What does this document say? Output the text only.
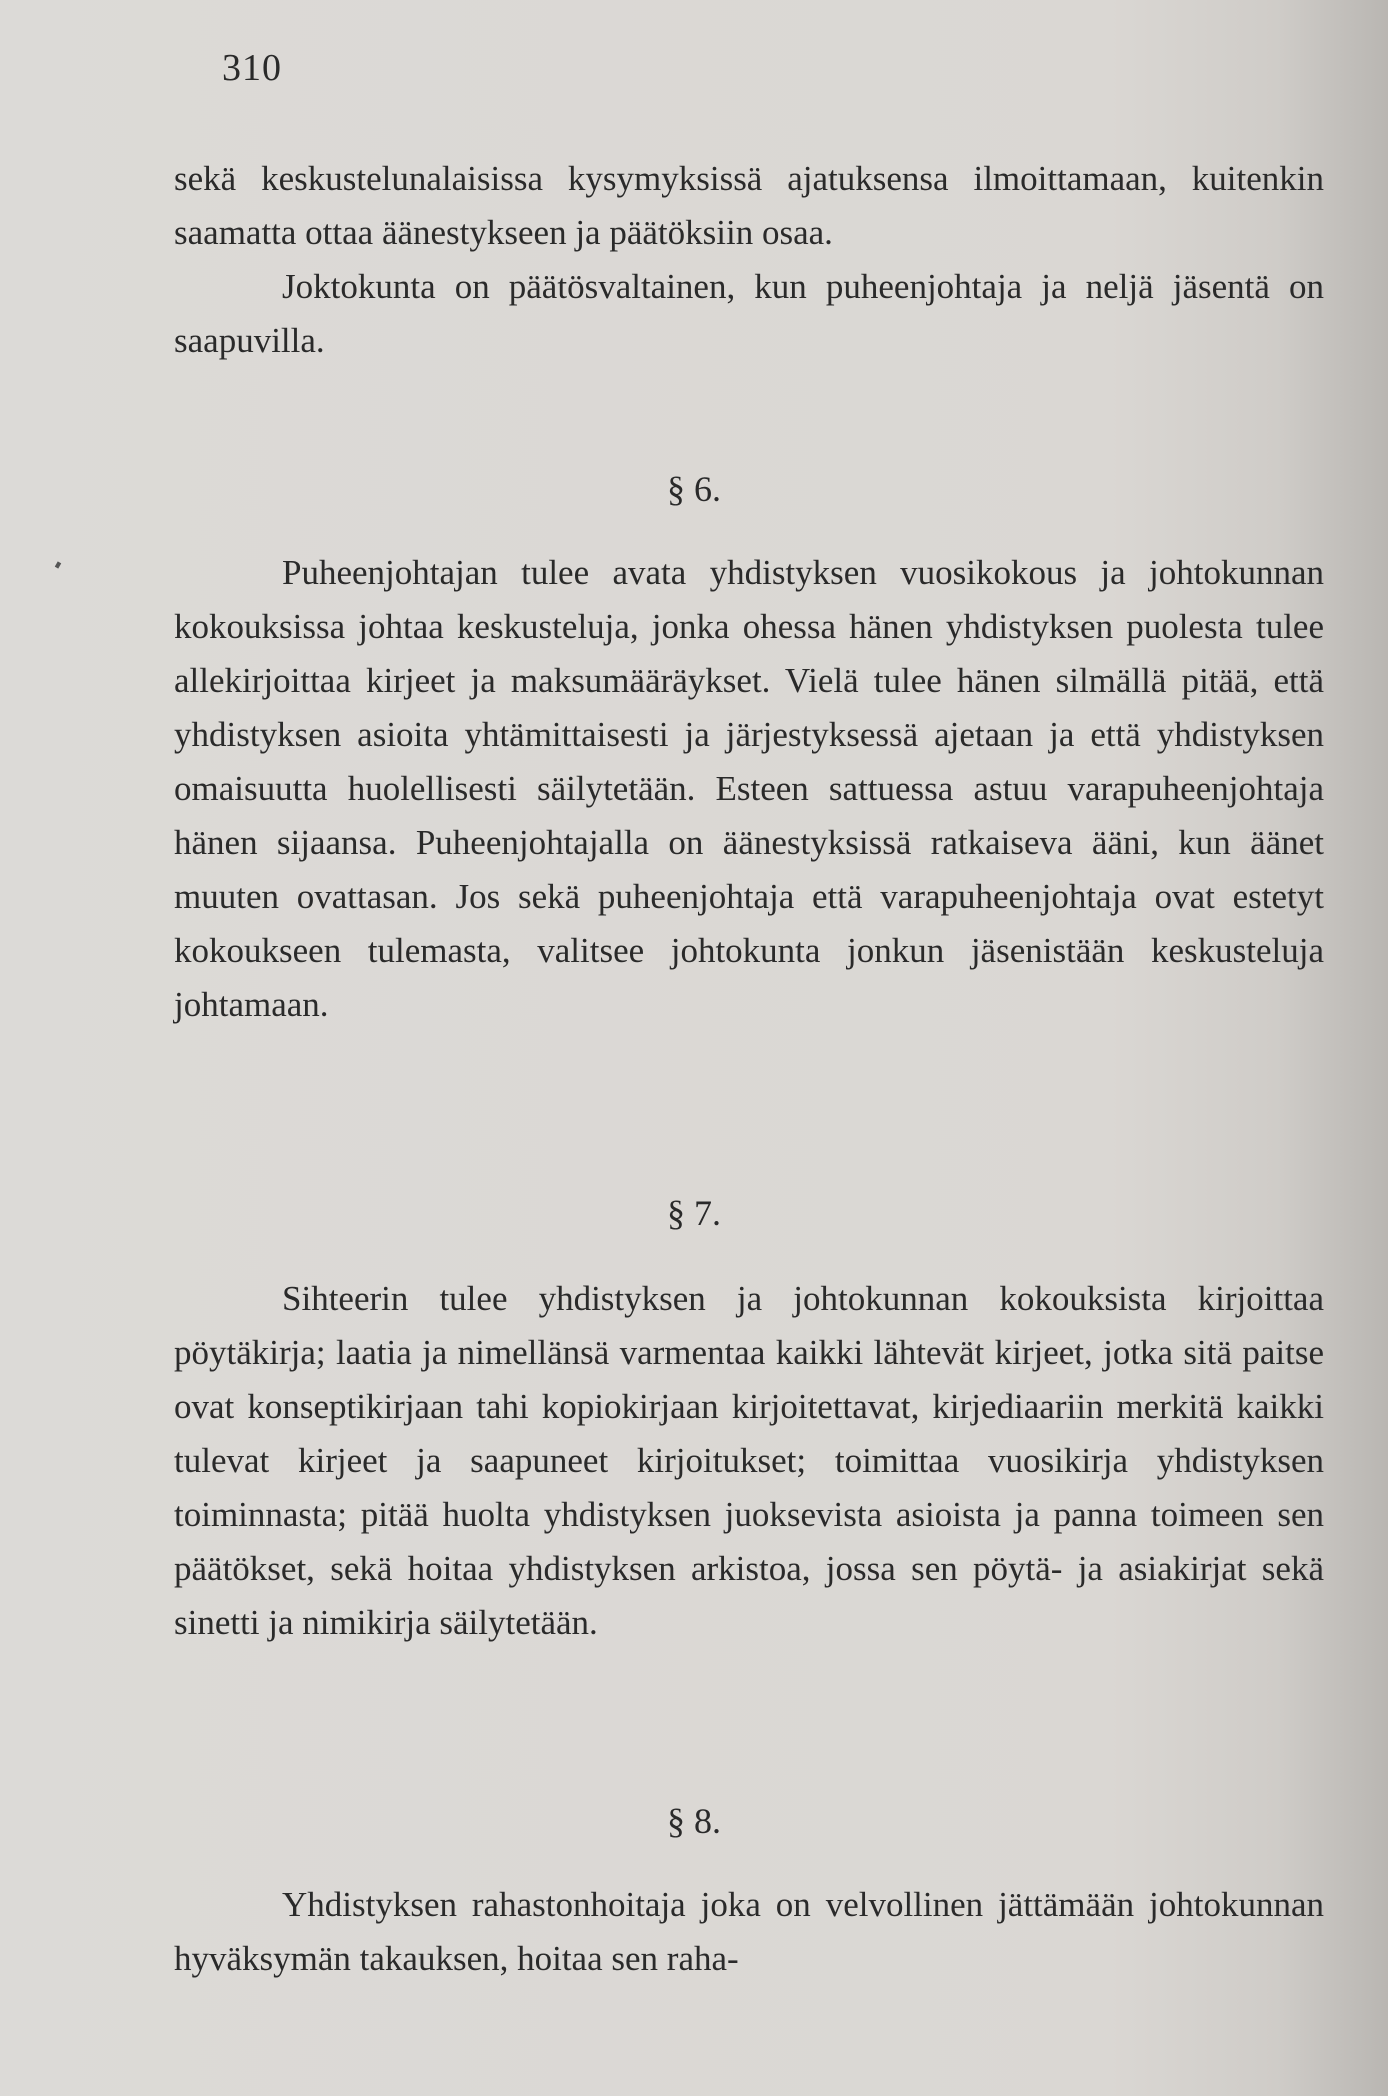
310

sekä keskustelunalaisissa kysymyksissä ajatuksensa ilmoittamaan, kuitenkin saamatta ottaa äänestykseen ja päätöksiin osaa.

Joktokunta on päätösvaltainen, kun puheenjohtaja ja neljä jäsentä on saapuvilla.

§ 6.

Puheenjohtajan tulee avata yhdistyksen vuosikokous ja johtokunnan kokouksissa johtaa keskusteluja, jonka ohessa hänen yhdistyksen puolesta tulee allekirjoittaa kirjeet ja maksumääräykset. Vielä tulee hänen silmällä pitää, että yhdistyksen asioita yhtämittaisesti ja järjestyksessä ajetaan ja että yhdistyksen omaisuutta huolellisesti säilytetään. Esteen sattuessa astuu varapuheenjohtaja hänen sijaansa. Puheenjohtajalla on äänestyksissä ratkaiseva ääni, kun äänet muuten ovattasan. Jos sekä puheenjohtaja että varapuheenjohtaja ovat estetyt kokoukseen tulemasta, valitsee johtokunta jonkun jäsenistään keskusteluja johtamaan.

§ 7.

Sihteerin tulee yhdistyksen ja johtokunnan kokouksista kirjoittaa pöytäkirja; laatia ja nimellänsä varmentaa kaikki lähtevät kirjeet, jotka sitä paitse ovat konseptikirjaan tahi kopiokirjaan kirjoitettavat, kirjediaariin merkitä kaikki tulevat kirjeet ja saapuneet kirjoitukset; toimittaa vuosikirja yhdistyksen toiminnasta; pitää huolta yhdistyksen juoksevista asioista ja panna toimeen sen päätökset, sekä hoitaa yhdistyksen arkistoa, jossa sen pöytä- ja asiakirjat sekä sinetti ja nimikirja säilytetään.

§ 8.

Yhdistyksen rahastonhoitaja joka on velvollinen jättämään johtokunnan hyväksymän takauksen, hoitaa sen raha-
